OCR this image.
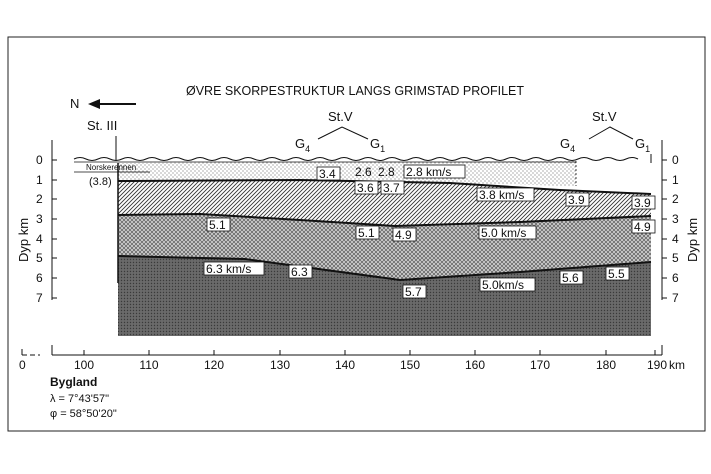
ØVRE SKORPESTRUKTUR LANGS GRIMSTAD PROFILET
N
Norskerennen
0
1
2
3
4
5
6
7
Dyp km
0
1
2
3
4
5
6
7
Dyp km
0	100	110	120	130	140	150	160	170	180	190 km
Bygland
λ = 7°43'57"
φ = 58°50'20"
St. III
St.V
$G_4$	$G_1$
St.V
$G_4$	$G_1$
(3.8)
3.4 2.6 2.8 2.8 km/s
3.6 3.7	3.8 km/s	3.9	3.9
5.1
5.1 4.9	5.0 km/s	4.9
6.3 km/s	6.3
5.7	5.0km/s	5.6 5.5
